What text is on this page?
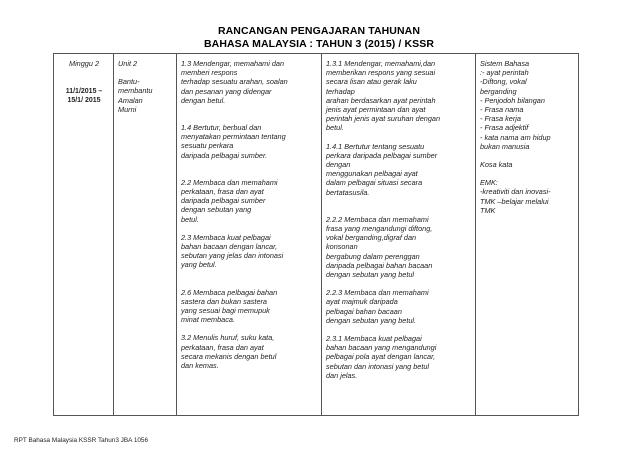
RANCANGAN PENGAJARAN TAHUNAN
BAHASA MALAYSIA : TAHUN 3 (2015) / KSSR
Minggu 2
11/1/2015 –
15/1/ 2015

Unit 2
Bantu-
membantu
Amalan
Murni

1.3 Mendengar, memahami dan
memberi respons
terhadap sesuatu arahan, soalan
dan pesanan yang didengar
dengan betul.
1.4 Bertutur, berbual dan
menyatakan permintaan tentang
sesuatu perkara
daripada pelbagai sumber.
2.2 Membaca dan memahami
perkataan, frasa dan ayat
daripada pelbagai sumber
dengan sebutan yang
betul.
2.3 Membaca kuat pelbagai
bahan bacaan dengan lancar,
sebutan yang jelas dan intonasi
yang betul.
2.6 Membaca pelbagai bahan
sastera dan bukan sastera
yang sesuai bagi memupuk
minat membaca.
3.2 Menulis huruf, suku kata,
perkataan, frasa dan ayat
secara mekanis dengan betul
dan kemas.

1.3.1 Mendengar, memahami,dan
memberikan respons yang sesuai
secara lisan atau gerak laku
terhadap
arahan berdasarkan ayat perintah
jenis ayat permintaan dan ayat
perintah jenis ayat suruhan dengan
betul.
1.4.1 Bertutur tentang sesuatu
perkara daripada pelbagai sumber
dengan
menggunakan pelbagai ayat
dalam pelbagai situasi secara
bertatasusila.
2.2.2 Membaca dan memahami
frasa yang mengandungi diftong,
vokal berganding,digraf dan
konsonan
bergabung dalam perenggan
daripada pelbagai bahan bacaan
dengan sebutan yang betul
2.2.3 Membaca dan memahami
ayat majmuk daripada
pelbagai bahan bacaan
dengan sebutan yang betul.
2.3.1 Membaca kuat pelbagai
bahan bacaan yang mengandungi
pelbagai pola ayat dengan lancar,
sebutan dan intonasi yang betul
dan jelas.

Sistem Bahasa
:- ayat perintah
-Diftong, vokal
berganding
- Penjodoh bilangan
- Frasa nama
- Frasa kerja
- Frasa adjektif
- kata nama am hidup
bukan manusia
Kosa kata
EMK:
-kreativiti dan inovasi-
TMK –belajar melalui
TMK
RPT Bahasa Malaysia KSSR Tahun3 JBA 1056
